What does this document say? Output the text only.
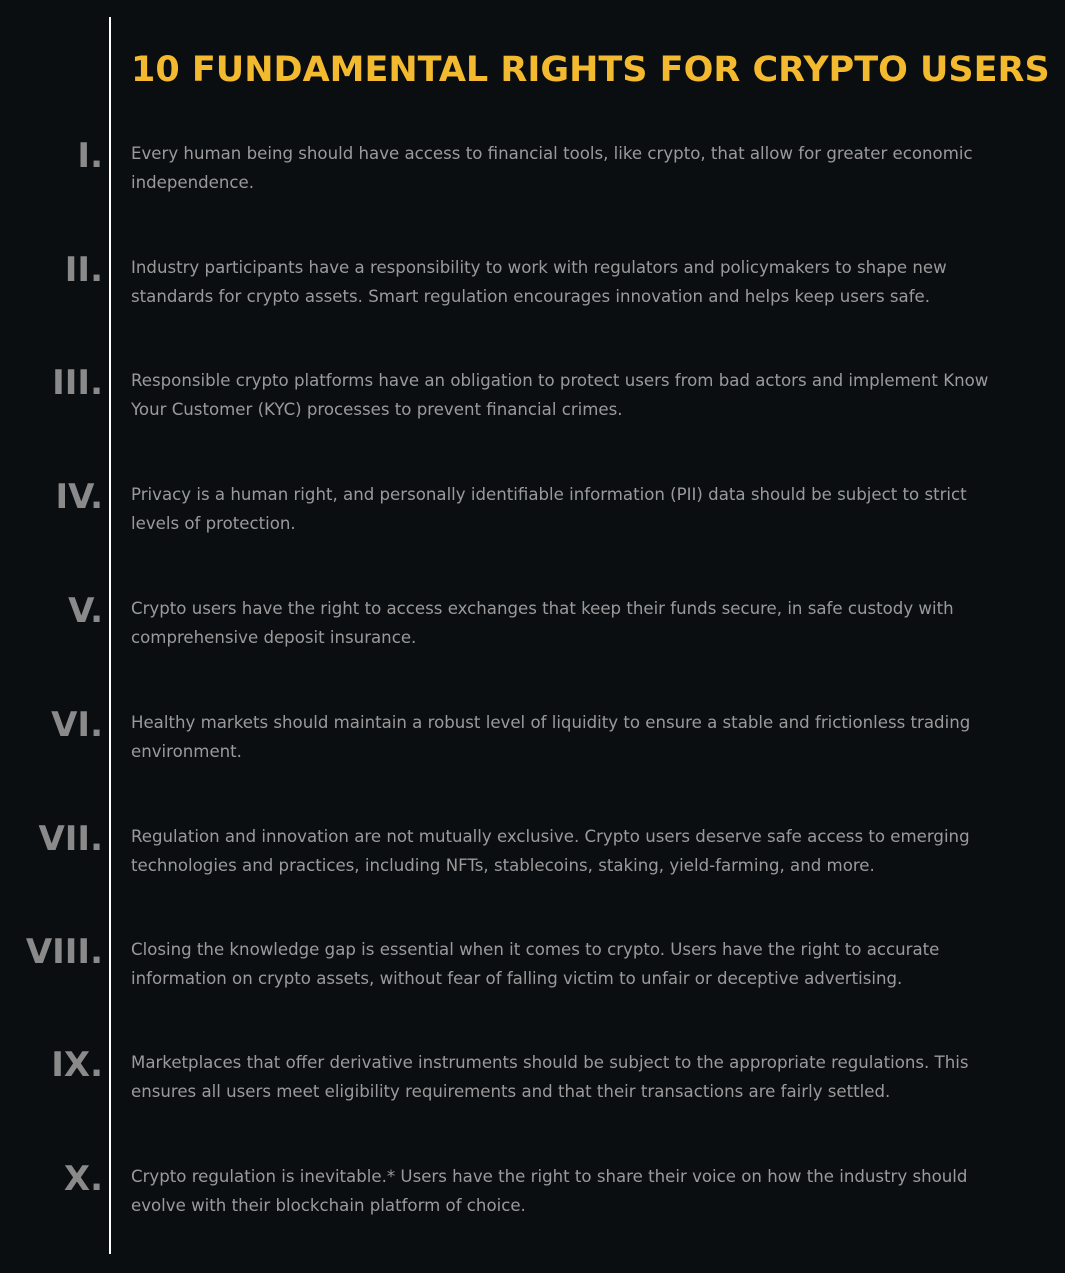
10 FUNDAMENTAL RIGHTS FOR CRYPTO USERS
I. Every human being should have access to financial tools, like crypto, that allow for greater economic independence.

II. Industry participants have a responsibility to work with regulators and policymakers to shape new standards for crypto assets. Smart regulation encourages innovation and helps keep users safe.

III. Responsible crypto platforms have an obligation to protect users from bad actors and implement Know Your Customer (KYC) processes to prevent financial crimes.

IV. Privacy is a human right, and personally identifiable information (PII) data should be subject to strict levels of protection.

V. Crypto users have the right to access exchanges that keep their funds secure, in safe custody with comprehensive deposit insurance.

VI. Healthy markets should maintain a robust level of liquidity to ensure a stable and frictionless trading environment.

VII. Regulation and innovation are not mutually exclusive. Crypto users deserve safe access to emerging technologies and practices, including NFTs, stablecoins, staking, yield-farming, and more.

VIII. Closing the knowledge gap is essential when it comes to crypto. Users have the right to accurate information on crypto assets, without fear of falling victim to unfair or deceptive advertising.

IX. Marketplaces that offer derivative instruments should be subject to the appropriate regulations. This ensures all users meet eligibility requirements and that their transactions are fairly settled.

X. Crypto regulation is inevitable.* Users have the right to share their voice on how the industry should evolve with their blockchain platform of choice.
